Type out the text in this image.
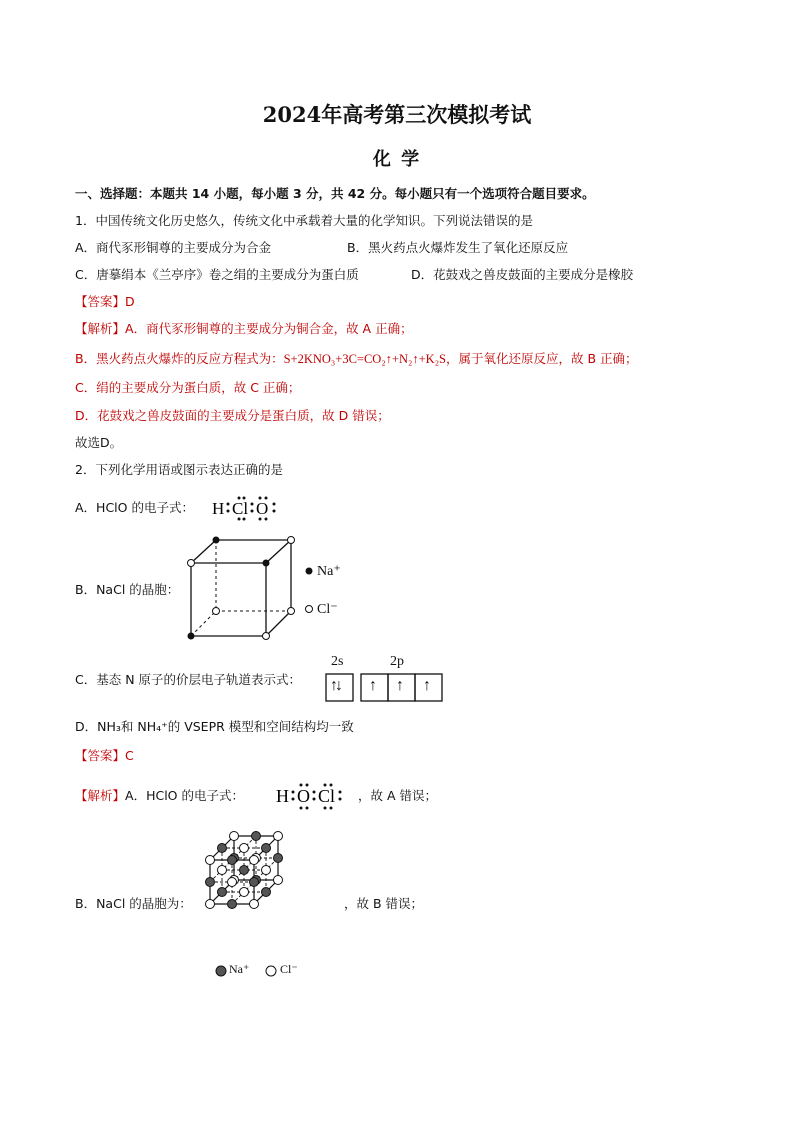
2024年高考第三次模拟考试
化 学
一、选择题：本题共 14 小题，每小题 3 分，共 42 分。每小题只有一个选项符合题目要求。
1．中国传统文化历史悠久，传统文化中承载着大量的化学知识。下列说法错误的是
A．商代豕形铜尊的主要成分为合金	B．黑火药点火爆炸发生了氧化还原反应
C．唐摹绢本《兰亭序》卷之绢的主要成分为蛋白质	D．花鼓戏之兽皮鼓面的主要成分是橡胶
【答案】D
【解析】A．商代豕形铜尊的主要成分为铜合金，故 A 正确；
B．黑火药点火爆炸的反应方程式为：S+2KNO₃+3C=CO₂↑+N₂↑+K₂S，属于氧化还原反应，故 B 正确；
C．绢的主要成分为蛋白质，故 C 正确；
D．花鼓戏之兽皮鼓面的主要成分是蛋白质，故 D 错误；
故选D。
2．下列化学用语或图示表达正确的是
A．HClO 的电子式： H Cl O
B．NaCl 的晶胞：
Na⁺
Cl⁻
C．基态 N 原子的价层电子轨道表示式：
2s	2p
↑↓ ↑ ↑ ↑
D．NH₃和 NH₄⁺的 VSEPR 模型和空间结构均一致
【答案】C
【解析】A．HClO 的电子式： H O Cl ，故 A 错误；
B．NaCl 的晶胞为：	，故 B 错误；
Na⁺	Cl⁻
